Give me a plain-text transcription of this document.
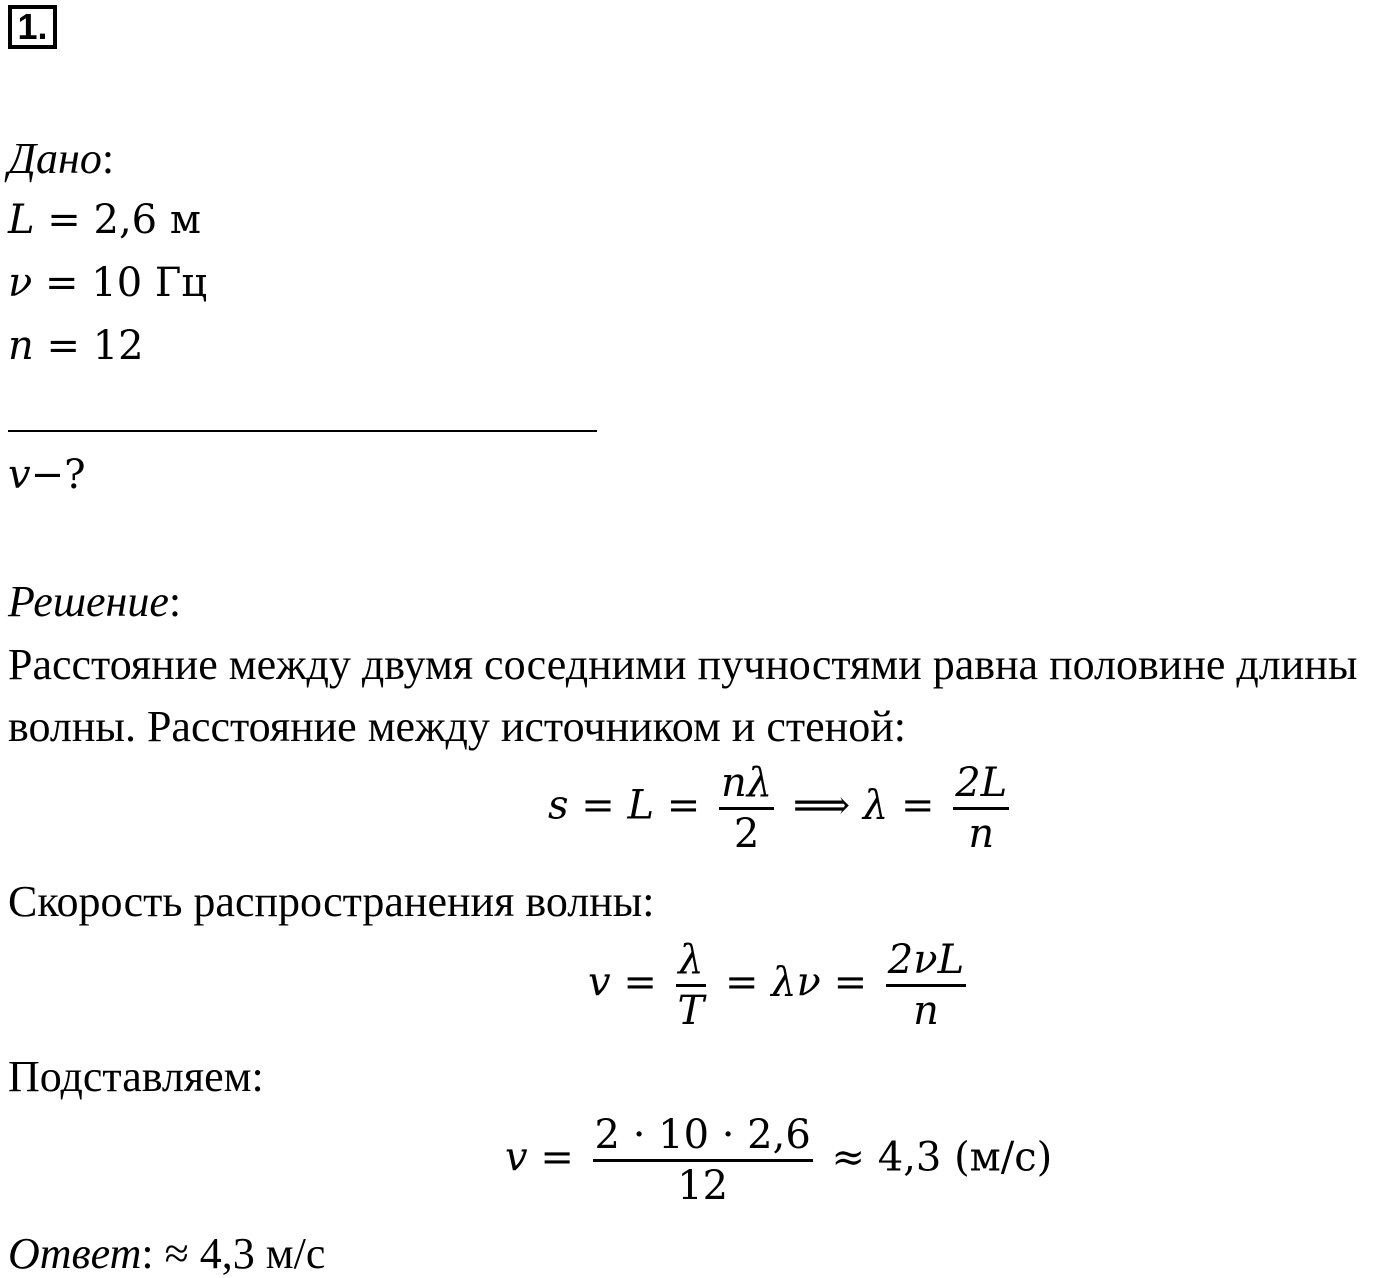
1.
Дано:
L = 2,6 м
ν = 10 Гц
n = 12
v−?
Решение:
Расстояние между двумя соседними пучностями равна половине длины
волны. Расстояние между источником и стеной:
$s = L = \frac{n\lambda}{2}$ ⟹ $\lambda = \frac{2L}{n}$
Скорость распространения волны:
$v = \frac{\lambda}{T} = \lambda\nu = \frac{2\nu L}{n}$
Подставляем:
$v = \frac{2 \cdot 10 \cdot 2,6}{12} \approx 4,3$ (м/с)
Ответ: ≈ 4,3 м/с
